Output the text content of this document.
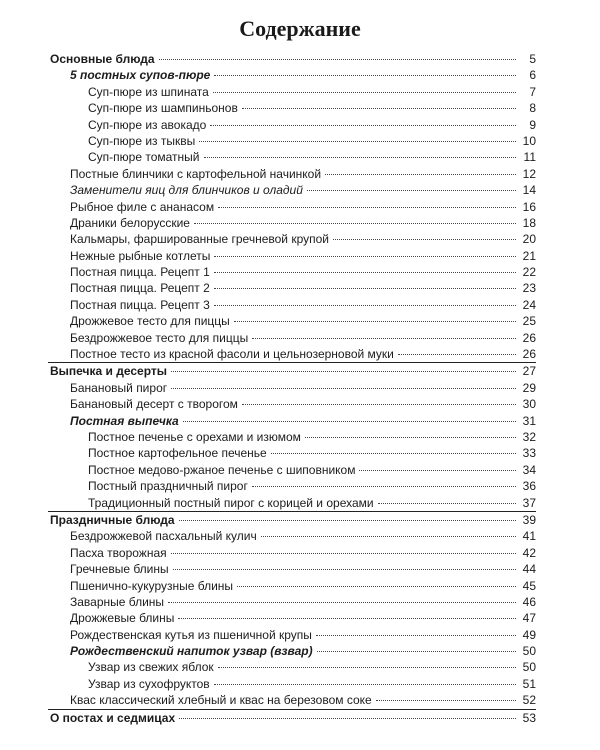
Содержание
Основные блюда	5
5 постных супов-пюре	6
Суп-пюре из шпината	7
Суп-пюре из шампиньонов	8
Суп-пюре из авокадо	9
Суп-пюре из тыквы	10
Суп-пюре томатный	11
Постные блинчики с картофельной начинкой	12
Заменители яиц для блинчиков и оладий	14
Рыбное филе с ананасом	16
Драники белорусские	18
Кальмары, фаршированные гречневой крупой	20
Нежные рыбные котлеты	21
Постная пицца. Рецепт 1	22
Постная пицца. Рецепт 2	23
Постная пицца. Рецепт 3	24
Дрожжевое тесто для пиццы	25
Бездрожжевое тесто для пиццы	26
Постное тесто из красной фасоли и цельнозерновой муки	26
Выпечка и десерты	27
Банановый пирог	29
Банановый десерт с творогом	30
Постная выпечка	31
Постное печенье с орехами и изюмом	32
Постное картофельное печенье	33
Постное медово-ржаное печенье с шиповником	34
Постный праздничный пирог	36
Традиционный постный пирог с корицей и орехами	37
Праздничные блюда	39
Бездрожжевой пасхальный кулич	41
Пасха творожная	42
Гречневые блины	44
Пшенично-кукурузные блины	45
Заварные блины	46
Дрожжевые блины	47
Рождественская кутья из пшеничной крупы	49
Рождественский напиток узвар (взвар)	50
Узвар из свежих яблок	50
Узвар из сухофруктов	51
Квас классический хлебный и квас на березовом соке	52
О постах и седмицах	53
